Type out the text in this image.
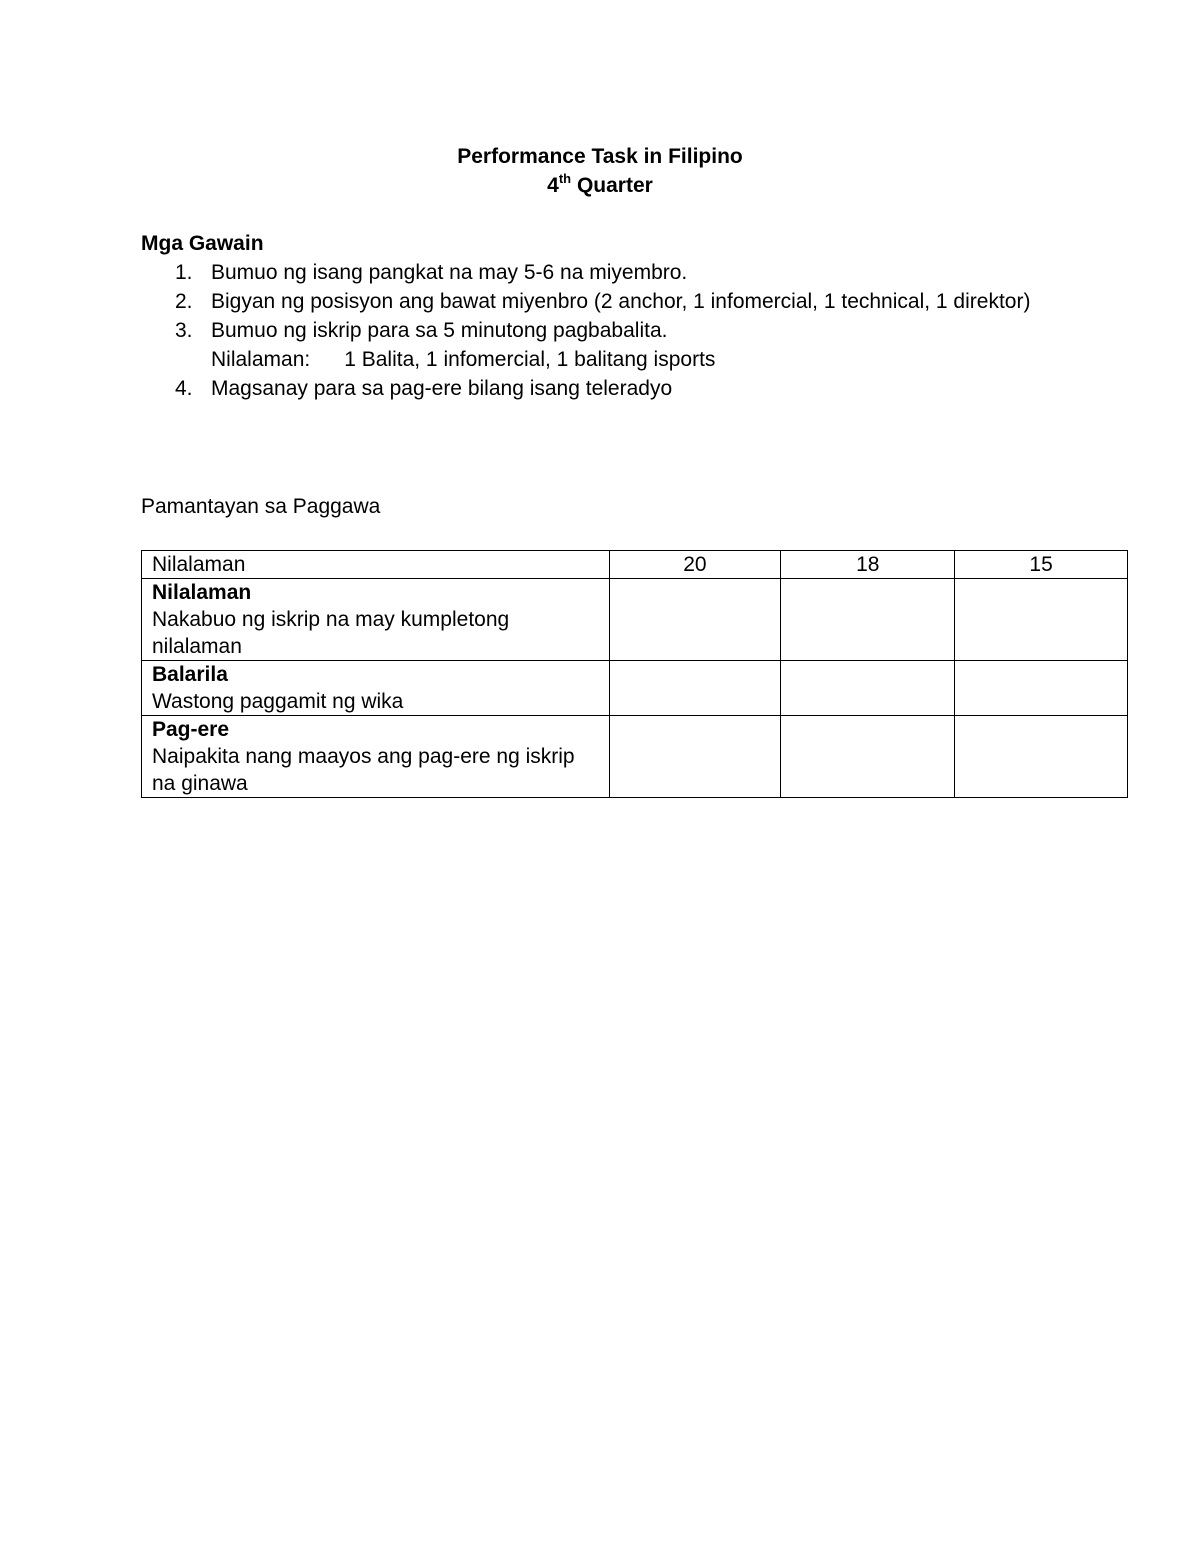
Performance Task in Filipino
4th Quarter
Mga Gawain
1. Bumuo ng isang pangkat na may 5-6 na miyembro.
2. Bigyan ng posisyon ang bawat miyenbro (2 anchor, 1 infomercial, 1 technical, 1 direktor)
3. Bumuo ng iskrip para sa 5 minutong pagbabalita.
Nilalaman: 1 Balita, 1 infomercial, 1 balitang isports
4. Magsanay para sa pag-ere bilang isang teleradyo
Pamantayan sa Paggawa
Nilalaman	20	18	15

Nilalaman
Nakabuo ng iskrip na may kumpletong nilalaman			

Balarila
Wastong paggamit ng wika			

Pag-ere
Naipakita nang maayos ang pag-ere ng iskrip na ginawa			
